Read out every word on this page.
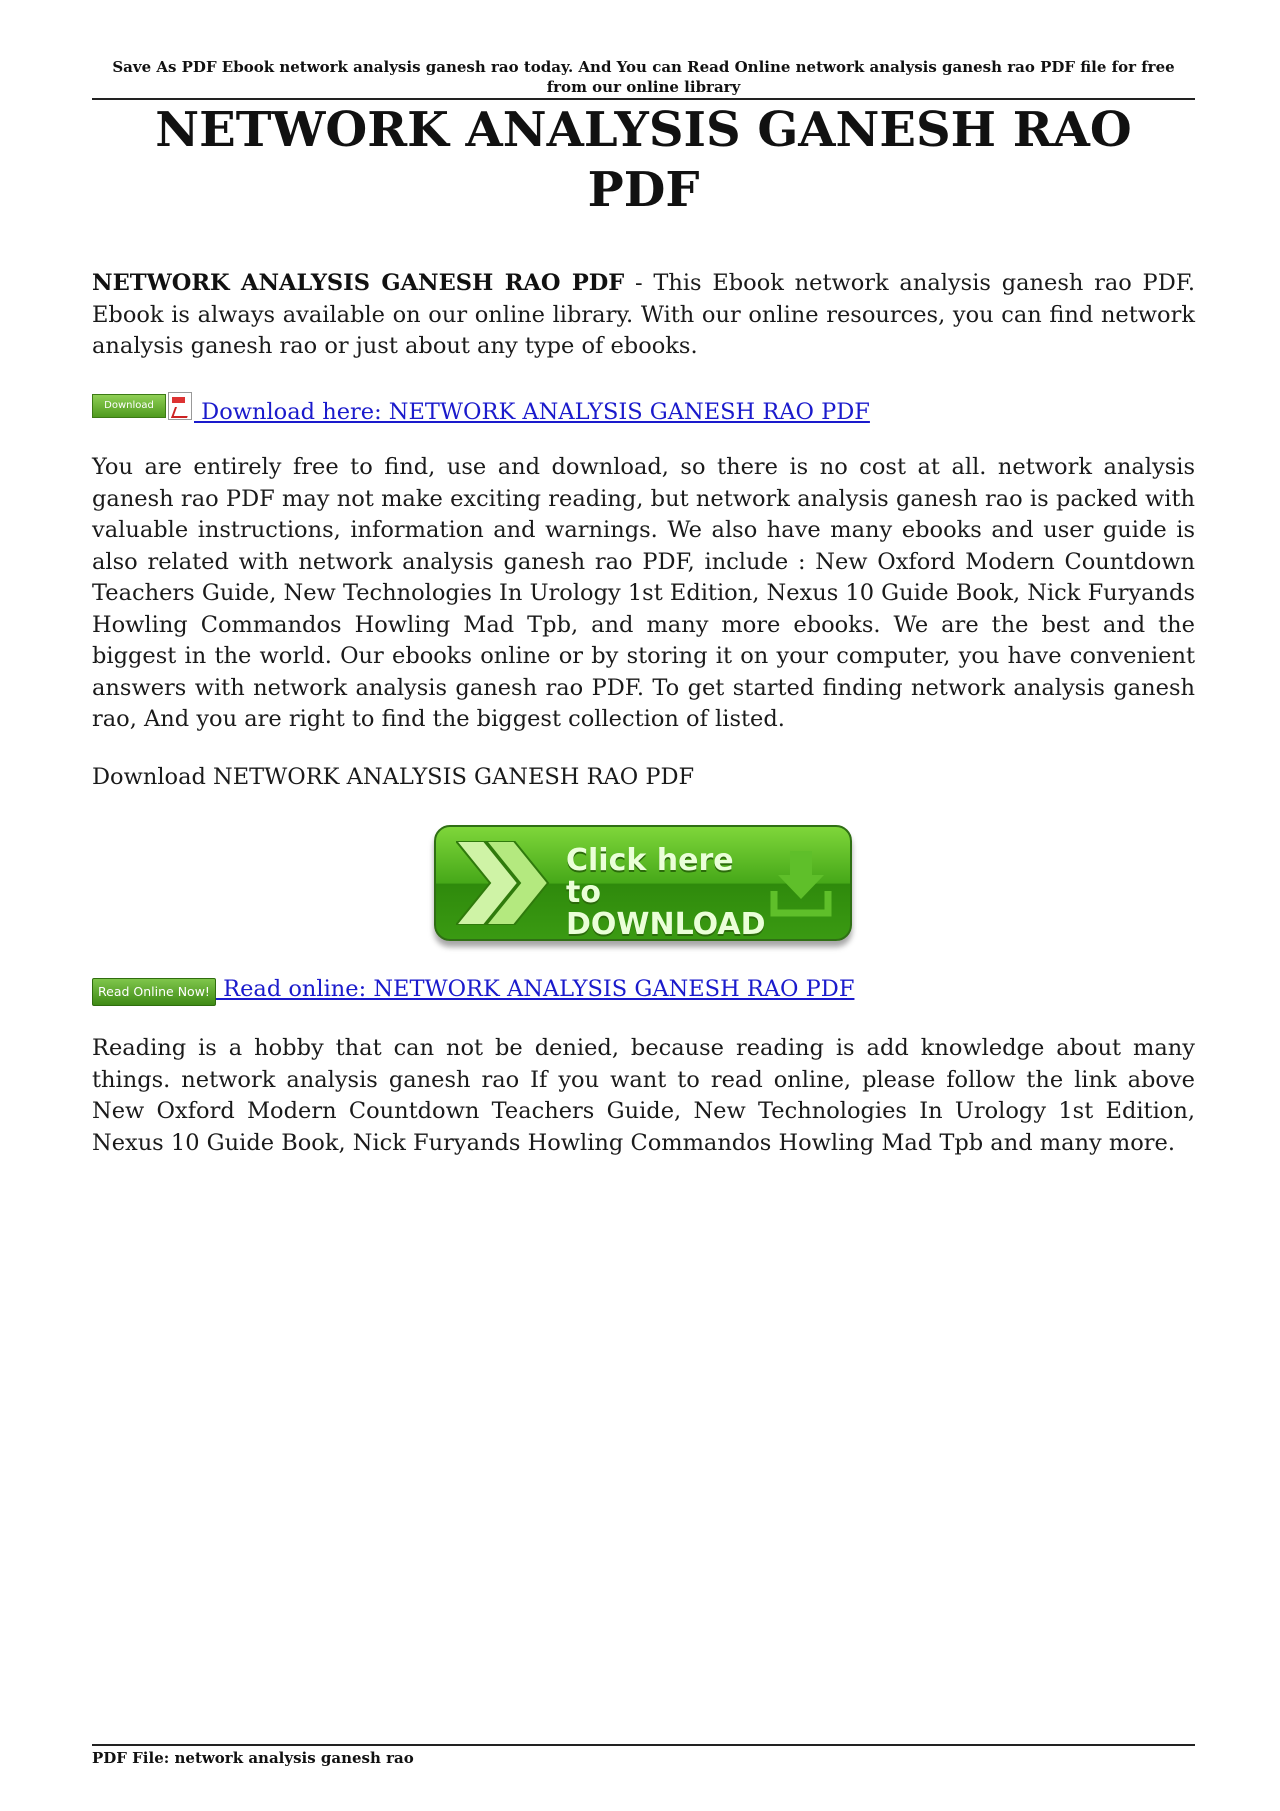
Save As PDF Ebook network analysis ganesh rao today. And You can Read Online network analysis ganesh rao PDF file for free from our online library
NETWORK ANALYSIS GANESH RAO PDF

NETWORK ANALYSIS GANESH RAO PDF - This Ebook network analysis ganesh rao PDF. Ebook is always available on our online library. With our online resources, you can find network analysis ganesh rao or just about any type of ebooks.

Download	Download here: NETWORK ANALYSIS GANESH RAO PDF

You are entirely free to find, use and download, so there is no cost at all. network analysis ganesh rao PDF may not make exciting reading, but network analysis ganesh rao is packed with valuable instructions, information and warnings. We also have many ebooks and user guide is also related with network analysis ganesh rao PDF, include : New Oxford Modern Countdown Teachers Guide, New Technologies In Urology 1st Edition, Nexus 10 Guide Book, Nick Furyands Howling Commandos Howling Mad Tpb, and many more ebooks. We are the best and the biggest in the world. Our ebooks online or by storing it on your computer, you have convenient answers with network analysis ganesh rao PDF. To get started finding network analysis ganesh rao, And you are right to find the biggest collection of listed.

Download NETWORK ANALYSIS GANESH RAO PDF

Click here to
DOWNLOAD
Read Online Now! Read online: NETWORK ANALYSIS GANESH RAO PDF

Reading is a hobby that can not be denied, because reading is add knowledge about many things. network analysis ganesh rao If you want to read online, please follow the link above New Oxford Modern Countdown Teachers Guide, New Technologies In Urology 1st Edition, Nexus 10 Guide Book, Nick Furyands Howling Commandos Howling Mad Tpb and many more.

PDF File: network analysis ganesh rao
